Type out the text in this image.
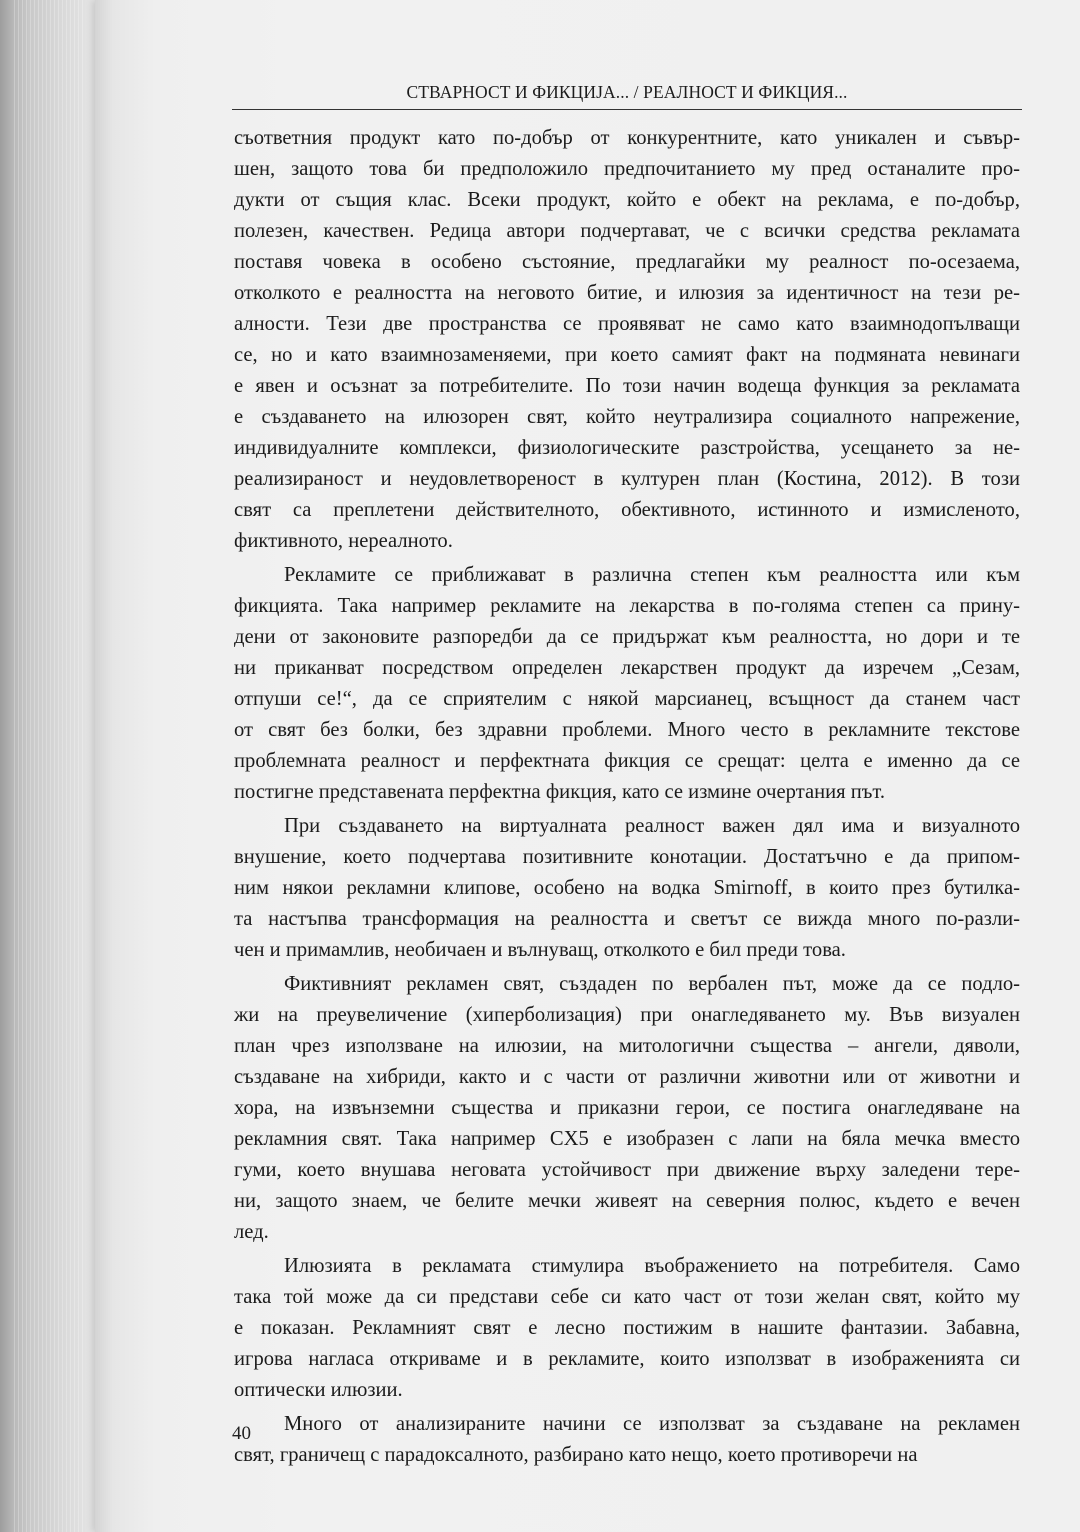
СТВАРНОСТ И ФИКЦИЈА... / РЕАЛНОСТ И ФИКЦИЯ...

съответния продукт като по-добър от конкурентните, като уникален и съвър-
шен, защото това би предположило предпочитанието му пред останалите про-
дукти от същия клас. Всеки продукт, който е обект на реклама, е по-добър,
полезен, качествен. Редица автори подчертават, че с всички средства рекламата
поставя човека в особено състояние, предлагайки му реалност по-осезаема,
отколкото е реалността на неговото битие, и илюзия за идентичност на тези ре-
алности. Тези две пространства се проявяват не само като взаимнодопълващи
се, но и като взаимнозаменяеми, при което самият факт на подмяната невинаги
е явен и осъзнат за потребителите. По този начин водеща функция за рекламата
е създаването на илюзорен свят, който неутрализира социалното напрежение,
индивидуалните комплекси, физиологическите разстройства, усещането за не-
реализираност и неудовлетвореност в културен план (Костина, 2012). В този
свят са преплетени действителното, обективното, истинното и измисленото,
фиктивното, нереалното.

Рекламите се приближават в различна степен към реалността или към
фикцията. Така например рекламите на лекарства в по-голяма степен са прину-
дени от законовите разпоредби да се придържат към реалността, но дори и те
ни приканват посредством определен лекарствен продукт да изречем „Сезам,
отпуши се!“, да се сприятелим с някой марсианец, всъщност да станем част
от свят без болки, без здравни проблеми. Много често в рекламните текстове
проблемната реалност и перфектната фикция се срещат: целта е именно да се
постигне представената перфектна фикция, като се измине очертания път.

При създаването на виртуалната реалност важен дял има и визуалното
внушение, което подчертава позитивните конотации. Достатъчно е да припом-
ним някои рекламни клипове, особено на водка Smirnoff, в които през бутилка-
та настъпва трансформация на реалността и светът се вижда много по-разли-
чен и примамлив, необичаен и вълнуващ, отколкото е бил преди това.

Фиктивният рекламен свят, създаден по вербален път, може да се подло-
жи на преувеличение (хиперболизация) при онагледяването му. Във визуален
план чрез използване на илюзии, на митологични същества – ангели, дяволи,
създаване на хибриди, както и с части от различни животни или от животни и
хора, на извънземни същества и приказни герои, се постига онагледяване на
рекламния свят. Така например CX5 е изобразен с лапи на бяла мечка вместо
гуми, което внушава неговата устойчивост при движение върху заледени тере-
ни, защото знаем, че белите мечки живеят на северния полюс, където е вечен
лед.

Илюзията в рекламата стимулира въображението на потребителя. Само
така той може да си представи себе си като част от този желан свят, който му
е показан. Рекламният свят е лесно постижим в нашите фантазии. Забавна,
игрова нагласа откриваме и в рекламите, които използват в изображенията си
оптически илюзии.

Много от анализираните начини се използват за създаване на рекламен
свят, граничещ с парадоксалното, разбирано като нещо, което противоречи на

40
